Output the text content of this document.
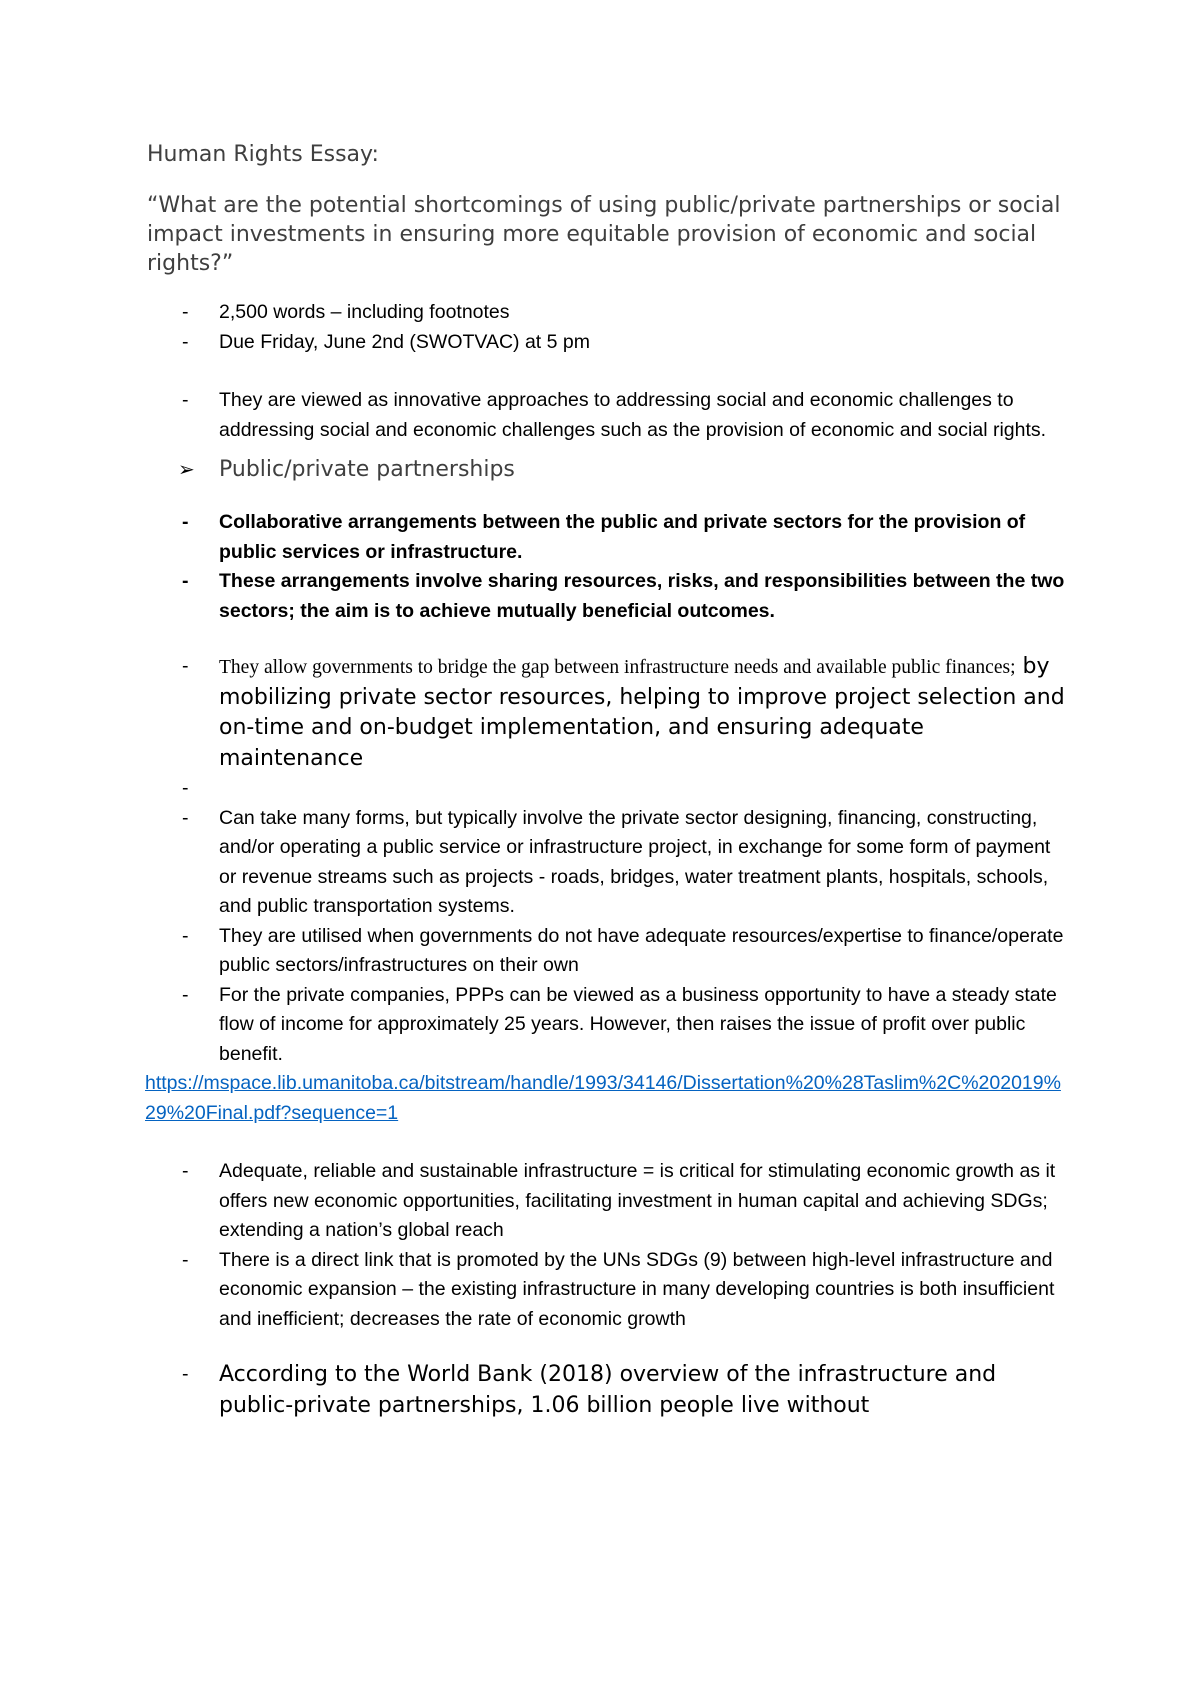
Human Rights Essay:
“What are the potential shortcomings of using public/private partnerships or social impact investments in ensuring more equitable provision of economic and social rights?”
-	2,500 words – including footnotes
-	Due Friday, June 2nd (SWOTVAC) at 5 pm
-	They are viewed as innovative approaches to addressing social and economic challenges to addressing social and economic challenges such as the provision of economic and social rights.
➢ Public/private partnerships
-	Collaborative arrangements between the public and private sectors for the provision of public services or infrastructure.
-	These arrangements involve sharing resources, risks, and responsibilities between the two sectors; the aim is to achieve mutually beneficial outcomes.
-	They allow governments to bridge the gap between infrastructure needs and available public finances; by mobilizing private sector resources, helping to improve project selection and on-time and on-budget implementation, and ensuring adequate maintenance
-

-	Can take many forms, but typically involve the private sector designing, financing, constructing, and/or operating a public service or infrastructure project, in exchange for some form of payment or revenue streams such as projects - roads, bridges, water treatment plants, hospitals, schools, and public transportation systems.
-	They are utilised when governments do not have adequate resources/expertise to finance/operate public sectors/infrastructures on their own
-	For the private companies, PPPs can be viewed as a business opportunity to have a steady state flow of income for approximately 25 years. However, then raises the issue of profit over public benefit.
https://mspace.lib.umanitoba.ca/bitstream/handle/1993/34146/Dissertation%20%28Taslim%2C%202019%29%20Final.pdf?sequence=1
-	Adequate, reliable and sustainable infrastructure = is critical for stimulating economic growth as it offers new economic opportunities, facilitating investment in human capital and achieving SDGs; extending a nation’s global reach
-	There is a direct link that is promoted by the UNs SDGs (9) between high-level infrastructure and economic expansion – the existing infrastructure in many developing countries is both insufficient and inefficient; decreases the rate of economic growth
-	According to the World Bank (2018) overview of the infrastructure and public-private partnerships, 1.06 billion people live without
